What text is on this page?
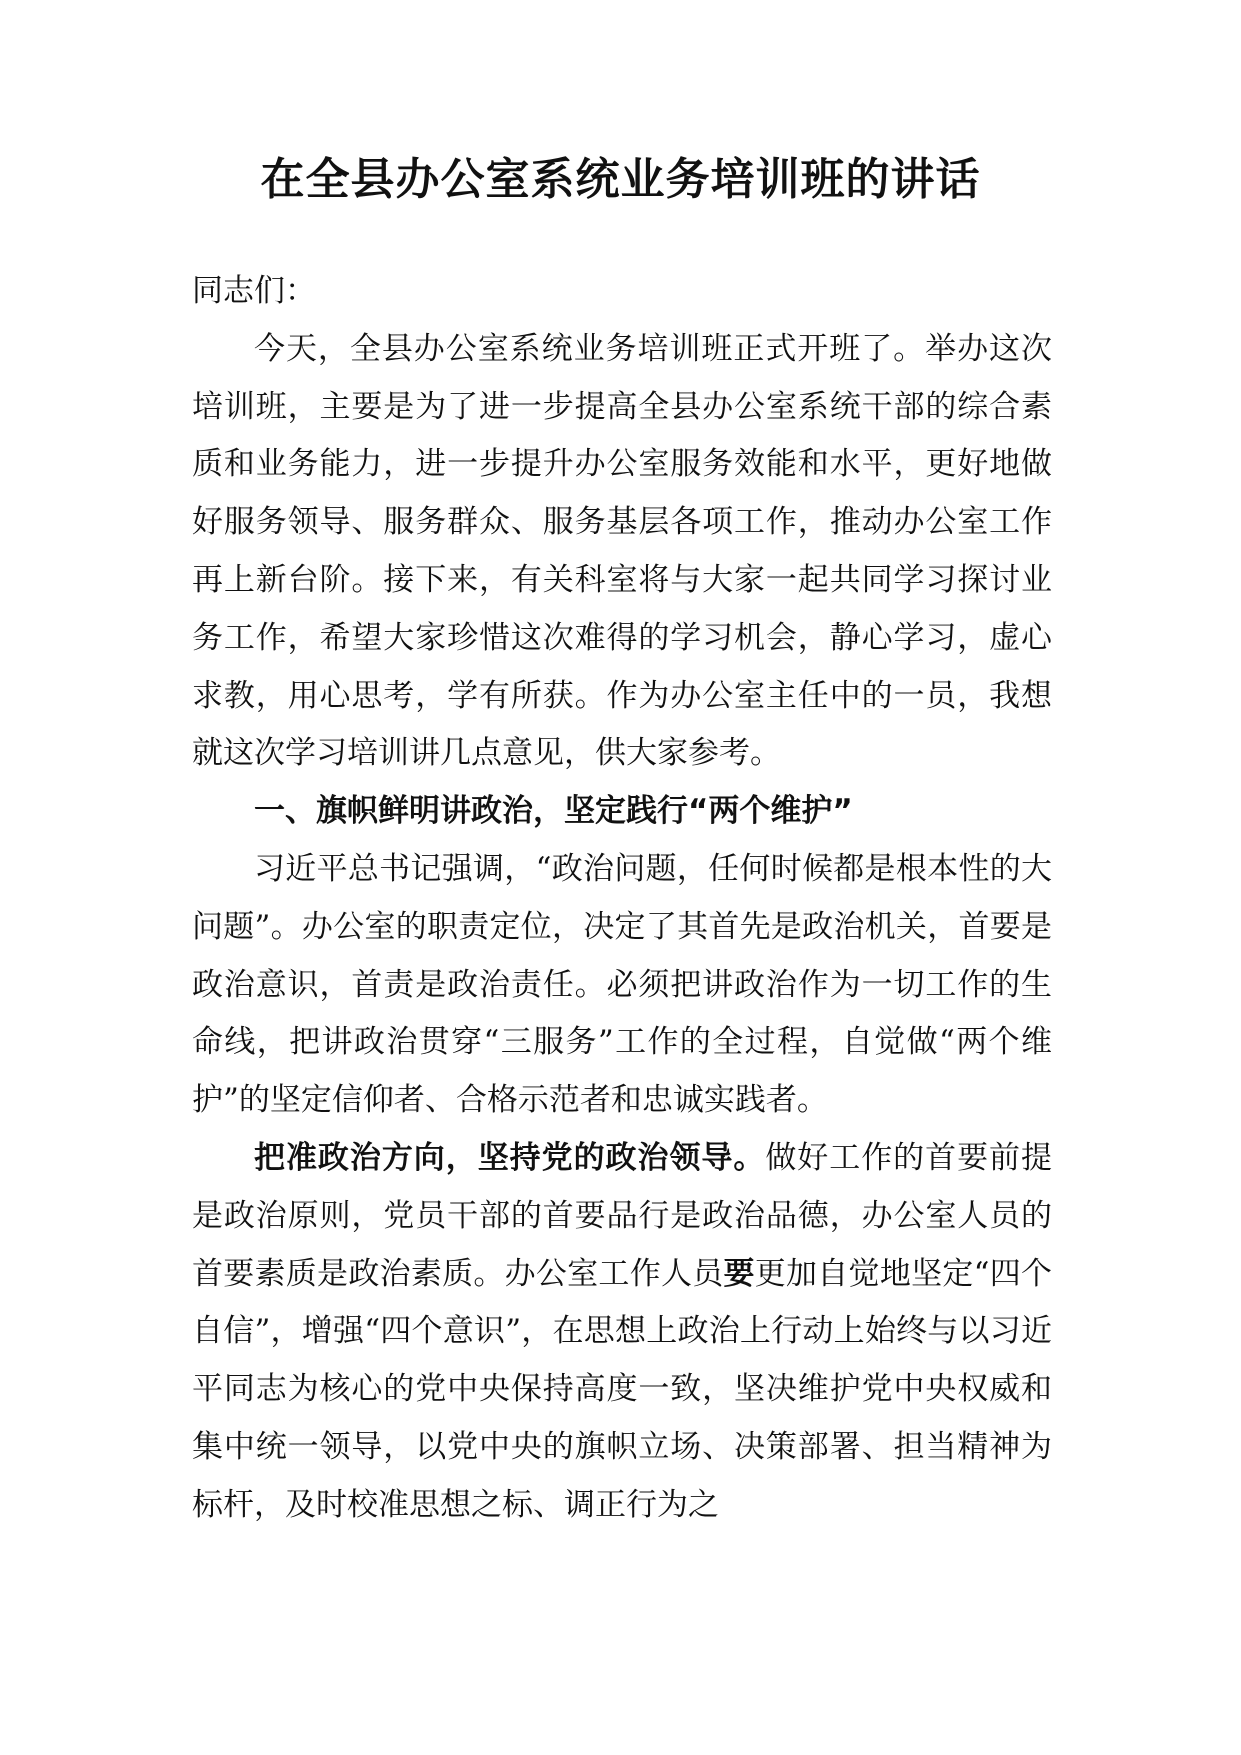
在全县办公室系统业务培训班的讲话

同志们：

今天，全县办公室系统业务培训班正式开班了。举办这次培训班，主要是为了进一步提高全县办公室系统干部的综合素质和业务能力，进一步提升办公室服务效能和水平，更好地做好服务领导、服务群众、服务基层各项工作，推动办公室工作再上新台阶。接下来，有关科室将与大家一起共同学习探讨业务工作，希望大家珍惜这次难得的学习机会，静心学习，虚心求教，用心思考，学有所获。作为办公室主任中的一员，我想就这次学习培训讲几点意见，供大家参考。

一、旗帜鲜明讲政治，坚定践行“两个维护”

习近平总书记强调，“政治问题，任何时候都是根本性的大问题”。办公室的职责定位，决定了其首先是政治机关，首要是政治意识，首责是政治责任。必须把讲政治作为一切工作的生命线，把讲政治贯穿“三服务”工作的全过程，自觉做“两个维护”的坚定信仰者、合格示范者和忠诚实践者。

把准政治方向，坚持党的政治领导。做好工作的首要前提是政治原则，党员干部的首要品行是政治品德，办公室人员的首要素质是政治素质。办公室工作人员要更加自觉地坚定“四个自信”，增强“四个意识”，在思想上政治上行动上始终与以习近平同志为核心的党中央保持高度一致，坚决维护党中央权威和集中统一领导，以党中央的旗帜立场、决策部署、担当精神为标杆，及时校准思想之标、调正行为之
